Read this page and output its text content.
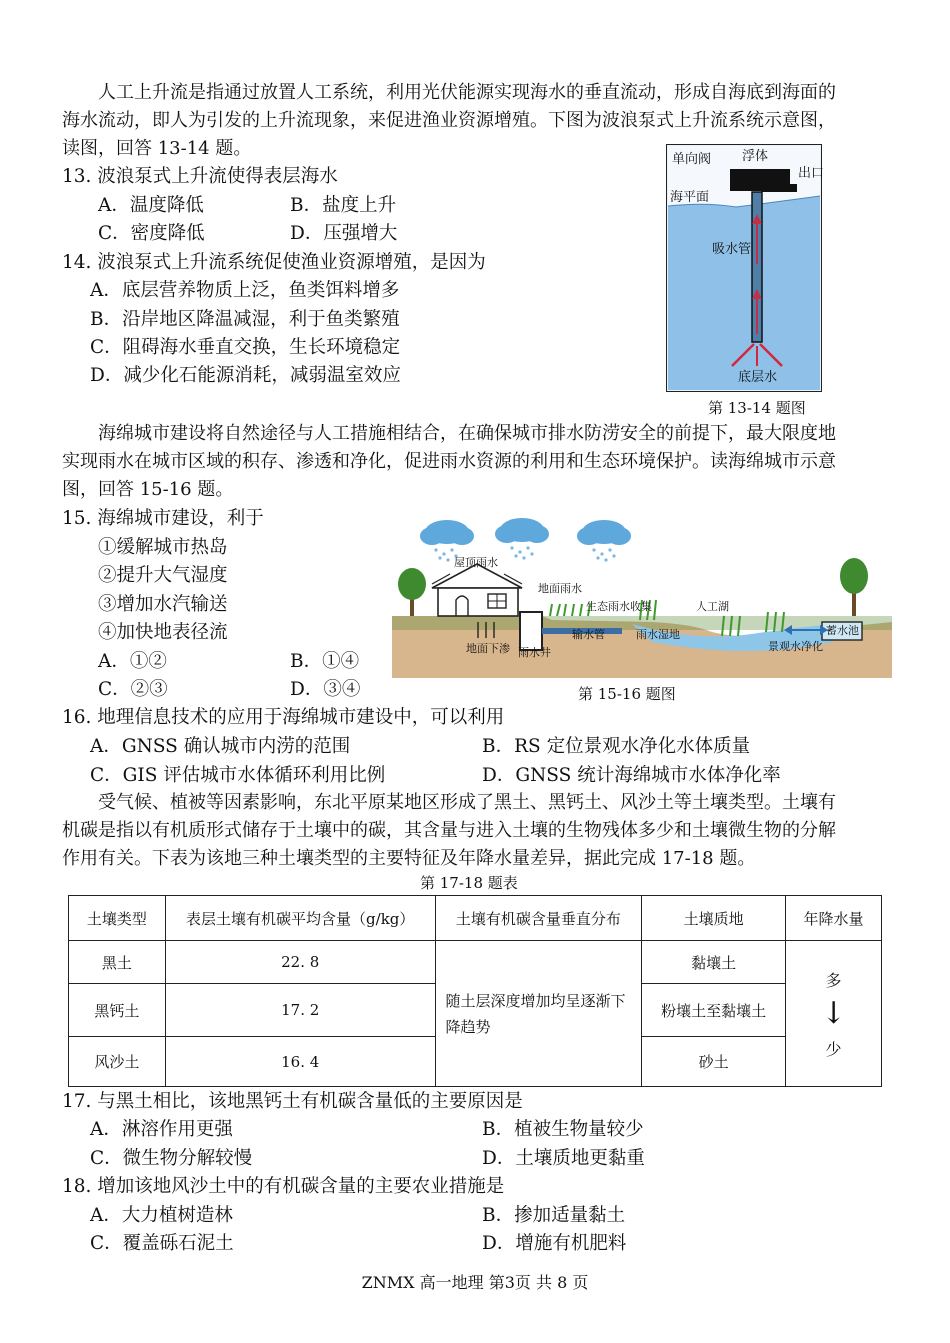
人工上升流是指通过放置人工系统，利用光伏能源实现海水的垂直流动，形成自海底到海面的
海水流动，即人为引发的上升流现象，来促进渔业资源增殖。下图为波浪泵式上升流系统示意图，
读图，回答 13-14 题。
13. 波浪泵式上升流使得表层海水
A．温度降低	B．盐度上升
C．密度降低	D．压强增大
14. 波浪泵式上升流系统促使渔业资源增殖，是因为
A．底层营养物质上泛，鱼类饵料增多
B．沿岸地区降温减湿，利于鱼类繁殖
C．阻碍海水垂直交换，生长环境稳定
D．减少化石能源消耗，减弱温室效应
单向阀 浮体
出口
海平面
吸水管
底层水
第 13-14 题图
海绵城市建设将自然途径与人工措施相结合，在确保城市排水防涝安全的前提下，最大限度地
实现雨水在城市区域的积存、渗透和净化，促进雨水资源的利用和生态环境保护。读海绵城市示意
图，回答 15-16 题。
15. 海绵城市建设，利于
①缓解城市热岛
②提升大气湿度
③增加水汽输送
④加快地表径流
A．①②	B．①④
C．②③	D．③④
屋顶雨水
地面雨水
生态雨水收集	人工湖
输水管	雨水湿地
地面下渗 雨水井	景观水净化
蓄水池
第 15-16 题图
16. 地理信息技术的应用于海绵城市建设中，可以利用
A．GNSS 确认城市内涝的范围	B．RS 定位景观水净化水体质量
C．GIS 评估城市水体循环利用比例	D．GNSS 统计海绵城市水体净化率
受气候、植被等因素影响，东北平原某地区形成了黑土、黑钙土、风沙土等土壤类型。土壤有
机碳是指以有机质形式储存于土壤中的碳，其含量与进入土壤的生物残体多少和土壤微生物的分解
作用有关。下表为该地三种土壤类型的主要特征及年降水量差异，据此完成 17-18 题。
第 17-18 题表
土壤类型	表层土壤有机碳平均含量（g/kg）	土壤有机碳含量垂直分布	土壤质地	年降水量
黑土	22. 8	随土层深度增加均呈逐渐下降趋势	黏壤土	多
↓
少

黑钙土	17. 2		粉壤土至黏壤土	
风沙土	16. 4		砂土	
17. 与黑土相比，该地黑钙土有机碳含量低的主要原因是
A．淋溶作用更强	B．植被生物量较少
C．微生物分解较慢	D．土壤质地更黏重
18. 增加该地风沙土中的有机碳含量的主要农业措施是
A．大力植树造林	B．掺加适量黏土
C．覆盖砾石泥土	D．增施有机肥料
ZNMX 高一地理 第3页 共 8 页
